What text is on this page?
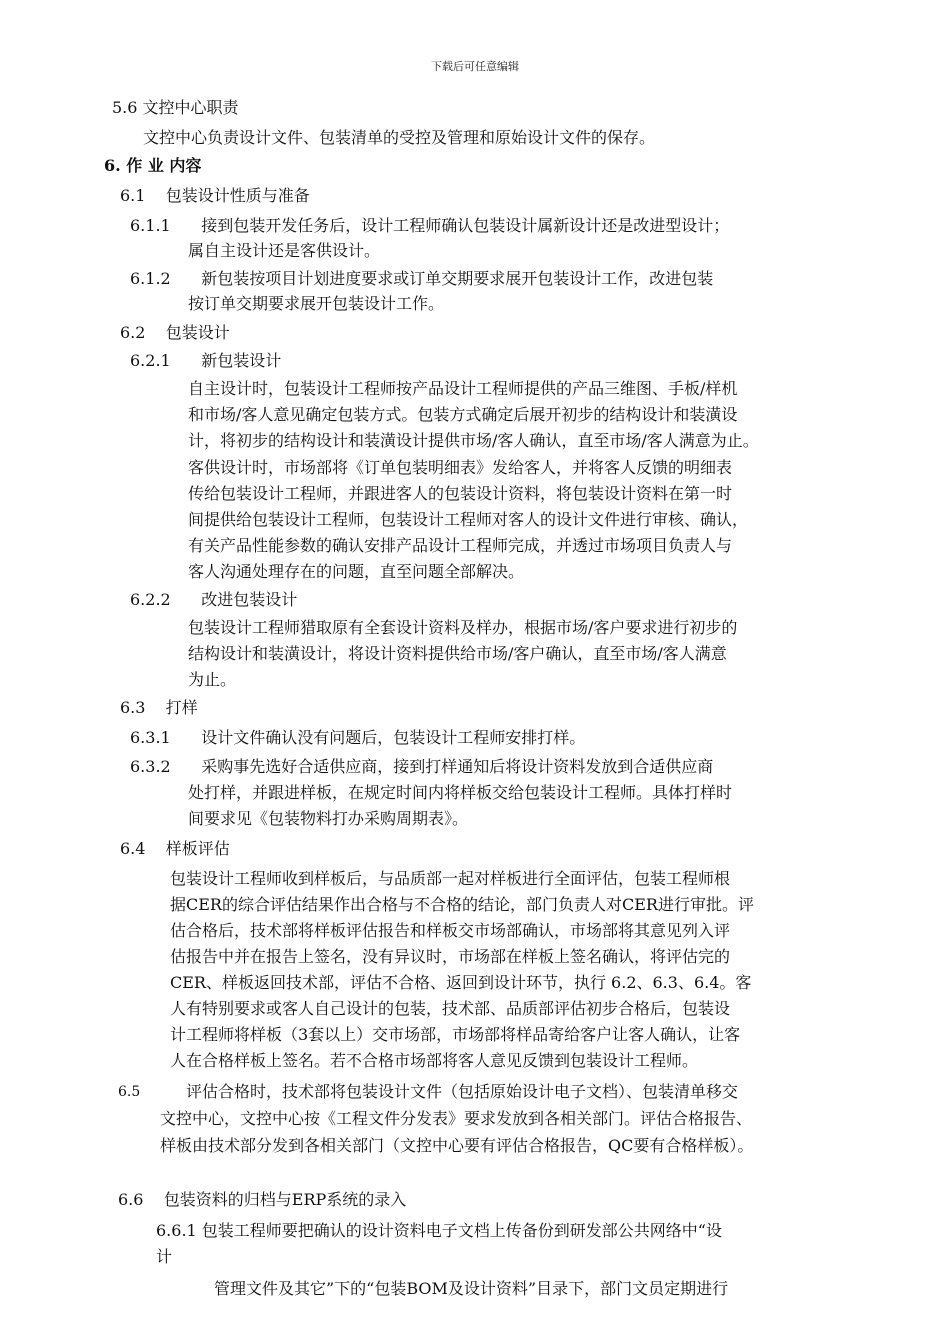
下载后可任意编辑
5.6 文控中心职责
文控中心负责设计文件、包装清单的受控及管理和原始设计文件的保存。
6. 作 业 内容
6.1    包装设计性质与准备
6.1.1      接到包装开发任务后，设计工程师确认包装设计属新设计还是改进型设计；
属自主设计还是客供设计。
6.1.2      新包装按项目计划进度要求或订单交期要求展开包装设计工作，改进包装
按订单交期要求展开包装设计工作。
6.2    包装设计
6.2.1      新包装设计
自主设计时，包装设计工程师按产品设计工程师提供的产品三维图、手板/样机
和市场/客人意见确定包装方式。包装方式确定后展开初步的结构设计和装潢设
计，将初步的结构设计和装潢设计提供市场/客人确认，直至市场/客人满意为止。
客供设计时，市场部将《订单包装明细表》发给客人，并将客人反馈的明细表
传给包装设计工程师，并跟进客人的包装设计资料，将包装设计资料在第一时
间提供给包装设计工程师，包装设计工程师对客人的设计文件进行审核、确认，
有关产品性能参数的确认安排产品设计工程师完成，并透过市场项目负责人与
客人沟通处理存在的问题，直至问题全部解决。
6.2.2      改进包装设计
包装设计工程师猎取原有全套设计资料及样办，根据市场/客户要求进行初步的
结构设计和装潢设计，将设计资料提供给市场/客户确认，直至市场/客人满意
为止。
6.3    打样
6.3.1      设计文件确认没有问题后，包装设计工程师安排打样。
6.3.2      采购事先选好合适供应商，接到打样通知后将设计资料发放到合适供应商
处打样，并跟进样板，在规定时间内将样板交给包装设计工程师。具体打样时
间要求见《包装物料打办采购周期表》。
6.4    样板评估
包装设计工程师收到样板后，与品质部一起对样板进行全面评估，包装工程师根
据CER的综合评估结果作出合格与不合格的结论，部门负责人对CER进行审批。评
估合格后，技术部将样板评估报告和样板交市场部确认，市场部将其意见列入评
估报告中并在报告上签名，没有异议时，市场部在样板上签名确认，将评估完的
CER、样板返回技术部，评估不合格、返回到设计环节，执行 6.2、6.3、6.4。客
人有特别要求或客人自己设计的包装，技术部、品质部评估初步合格后，包装设
计工程师将样板（3套以上）交市场部，市场部将样品寄给客户让客人确认，让客
人在合格样板上签名。若不合格市场部将客人意见反馈到包装设计工程师。
6.5	评估合格时，技术部将包装设计文件（包括原始设计电子文档）、包装清单移交
文控中心，文控中心按《工程文件分发表》要求发放到各相关部门。评估合格报告、
样板由技术部分发到各相关部门（文控中心要有评估合格报告，QC要有合格样板）。
6.6    包装资料的归档与ERP系统的录入
6.6.1 包装工程师要把确认的设计资料电子文档上传备份到研发部公共网络中“设
计
管理文件及其它”下的“包装BOM及设计资料”目录下，部门文员定期进行
